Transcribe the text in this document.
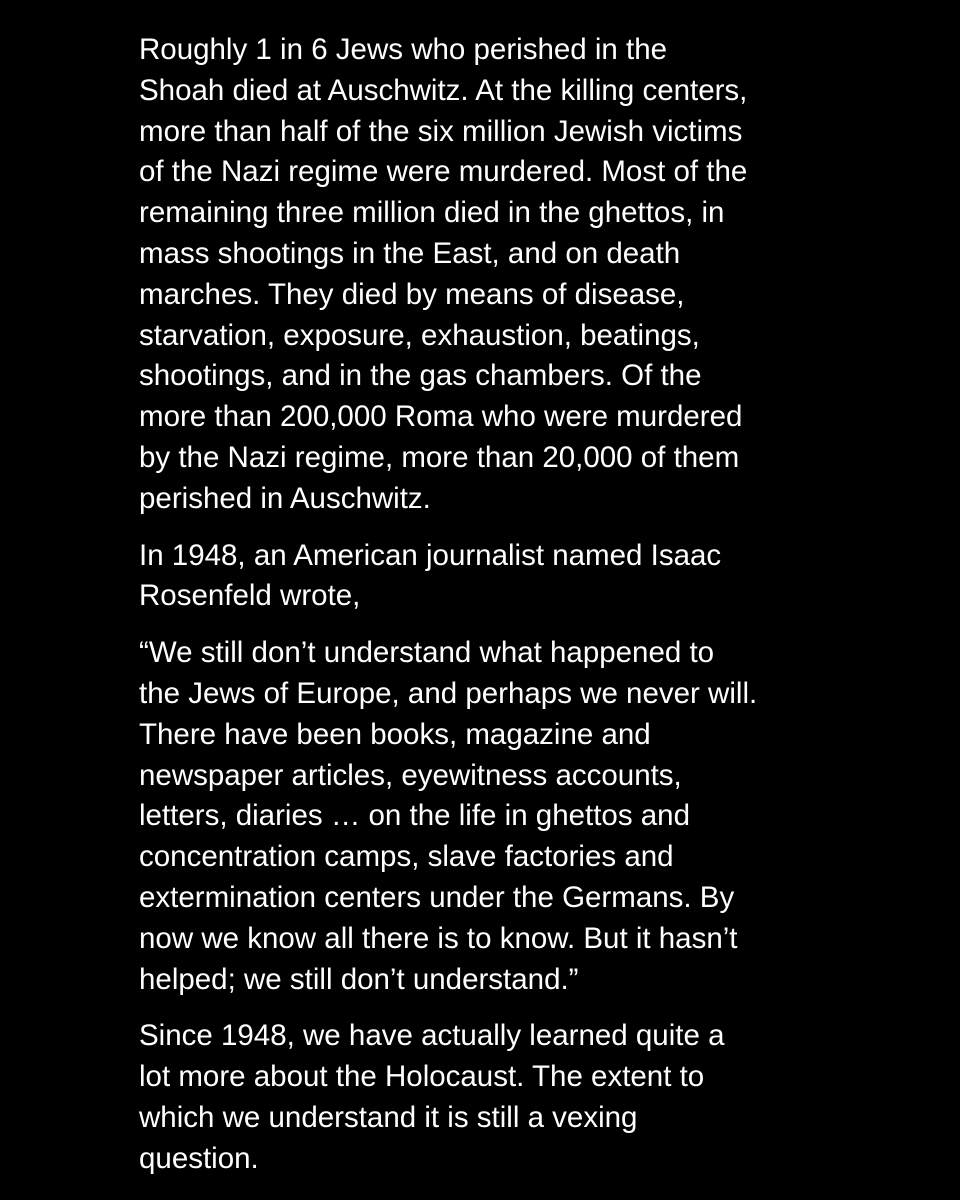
Roughly 1 in 6 Jews who perished in the
Shoah died at Auschwitz. At the killing centers,
more than half of the six million Jewish victims
of the Nazi regime were murdered. Most of the
remaining three million died in the ghettos, in
mass shootings in the East, and on death
marches. They died by means of disease,
starvation, exposure, exhaustion, beatings,
shootings, and in the gas chambers. Of the
more than 200,000 Roma who were murdered
by the Nazi regime, more than 20,000 of them
perished in Auschwitz.

In 1948, an American journalist named Isaac
Rosenfeld wrote,

“We still don’t understand what happened to
the Jews of Europe, and perhaps we never will.
There have been books, magazine and
newspaper articles, eyewitness accounts,
letters, diaries … on the life in ghettos and
concentration camps, slave factories and
extermination centers under the Germans. By
now we know all there is to know. But it hasn’t
helped; we still don’t understand.”

Since 1948, we have actually learned quite a
lot more about the Holocaust. The extent to
which we understand it is still a vexing
question.
